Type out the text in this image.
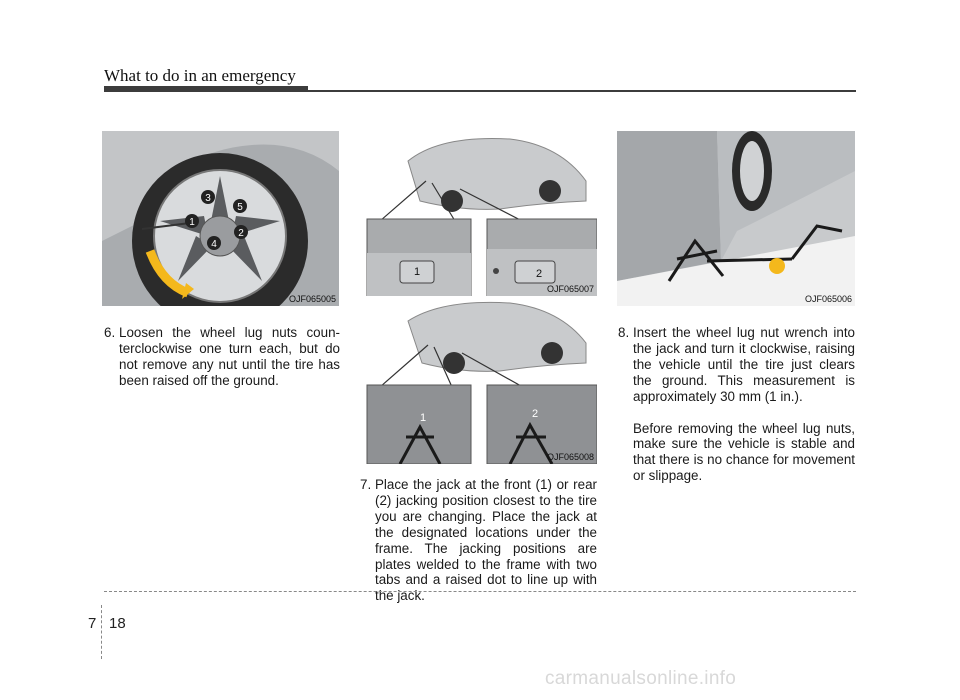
What to do in an emergency
3
5
1
2
4
OJF065005
1	2
OJF065007
1	2
OJF065008
OJF065006
6. Loosen the wheel lug nuts counterclockwise one turn each, but do not remove any nut until the tire has been raised off the ground.
7. Place the jack at the front (1) or rear (2) jacking position closest to the tire you are changing. Place the jack at the designated locations under the frame. The jacking positions are plates welded to the frame with two tabs and a raised dot to line up with the jack.
8. Insert the wheel lug nut wrench into the jack and turn it clockwise, raising the vehicle until the tire just clears the ground. This measurement is approximately 30 mm (1 in.).
Before removing the wheel lug nuts, make sure the vehicle is stable and that there is no chance for movement or slippage.
7 18
carmanualsonline.info
